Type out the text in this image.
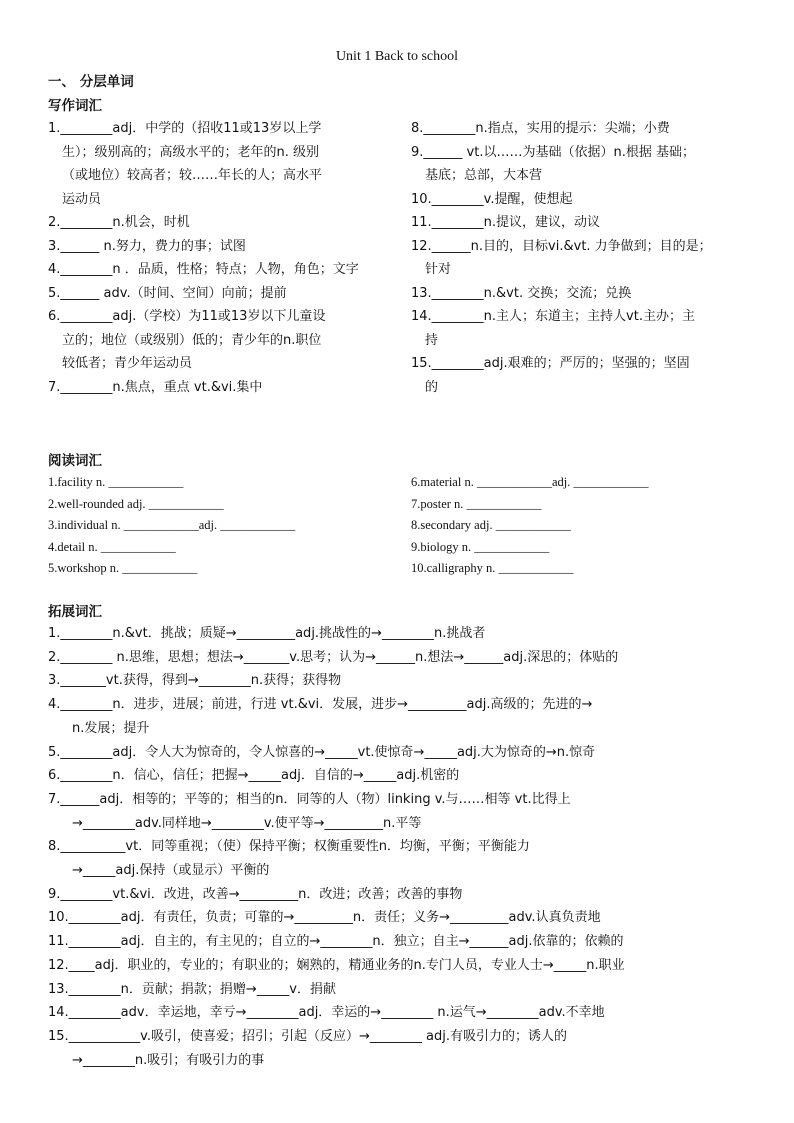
Unit 1 Back to school
一、 分层单词
写作词汇
1.________adj．中学的（招收11或13岁以上学
生）；级别高的；高级水平的；老年的n. 级别
（或地位）较高者；较……年长的人；高水平
运动员
2.________n.机会，时机
3.______ n.努力，费力的事；试图
4.________n ．品质，性格；特点；人物，角色；文字
5.______ adv.（时间、空间）向前；提前
6.________adj.（学校）为11或13岁以下儿童设
立的；地位（或级别）低的；青少年的n.职位
较低者；青少年运动员
7.________n.焦点，重点 vt.&vi.集中
8.________n.指点，实用的提示：尖端；小费
9.______ vt.以……为基础（依据）n.根据 基础；
基底；总部，大本营
10.________v.提醒，使想起
11.________n.提议，建议，动议
12.______n.目的，目标vi.&vt. 力争做到；目的是；
针对
13.________n.&vt. 交换；交流；兑换
14.________n.主人；东道主；主持人vt.主办；主
持
15.________adj.艰难的；严厉的；坚强的；坚固
的
阅读词汇
1.facility n. ____________
2.well-rounded adj. ____________
3.individual n. ____________adj. ____________
4.detail n. ____________
5.workshop n. ____________
6.material n. ____________adj. ____________
7.poster n. ____________
8.secondary adj. ____________
9.biology n. ____________
10.calligraphy n. ____________
拓展词汇
1.________n.&vt．挑战；质疑→_________adj.挑战性的→________n.挑战者
2.________ n.思维，思想；想法→_______v.思考；认为→______n.想法→______adj.深思的；体贴的
3._______vt.获得，得到→________n.获得；获得物
4.________n．进步，进展；前进，行进 vt.&vi．发展，进步→_________adj.高级的；先进的→
n.发展；提升
5.________adj．令人大为惊奇的，令人惊喜的→_____vt.使惊奇→_____adj.大为惊奇的→n.惊奇
6.________n．信心，信任；把握→_____adj．自信的→_____adj.机密的
7.______adj．相等的；平等的；相当的n．同等的人（物）linking v.与……相等 vt.比得上
→________adv.同样地→________v.使平等→_________n.平等
8.__________vt．同等重视；（使）保持平衡；权衡重要性n．均衡，平衡；平衡能力
→_____adj.保持（或显示）平衡的
9.________vt.&vi．改进，改善→_________n．改进；改善；改善的事物
10.________adj．有责任，负责；可靠的→_________n．责任；义务→_________adv.认真负责地
11.________adj．自主的，有主见的；自立的→________n．独立；自主→______adj.依靠的；依赖的
12.____adj．职业的，专业的；有职业的；娴熟的，精通业务的n.专门人员，专业人士→_____n.职业
13.________n．贡献；捐款；捐赠→_____v．捐献
14.________adv．幸运地，幸亏→________adj．幸运的→________ n.运气→________adv.不幸地
15.___________v.吸引，使喜爱；招引；引起（反应）→________ adj.有吸引力的；诱人的
→________n.吸引；有吸引力的事
